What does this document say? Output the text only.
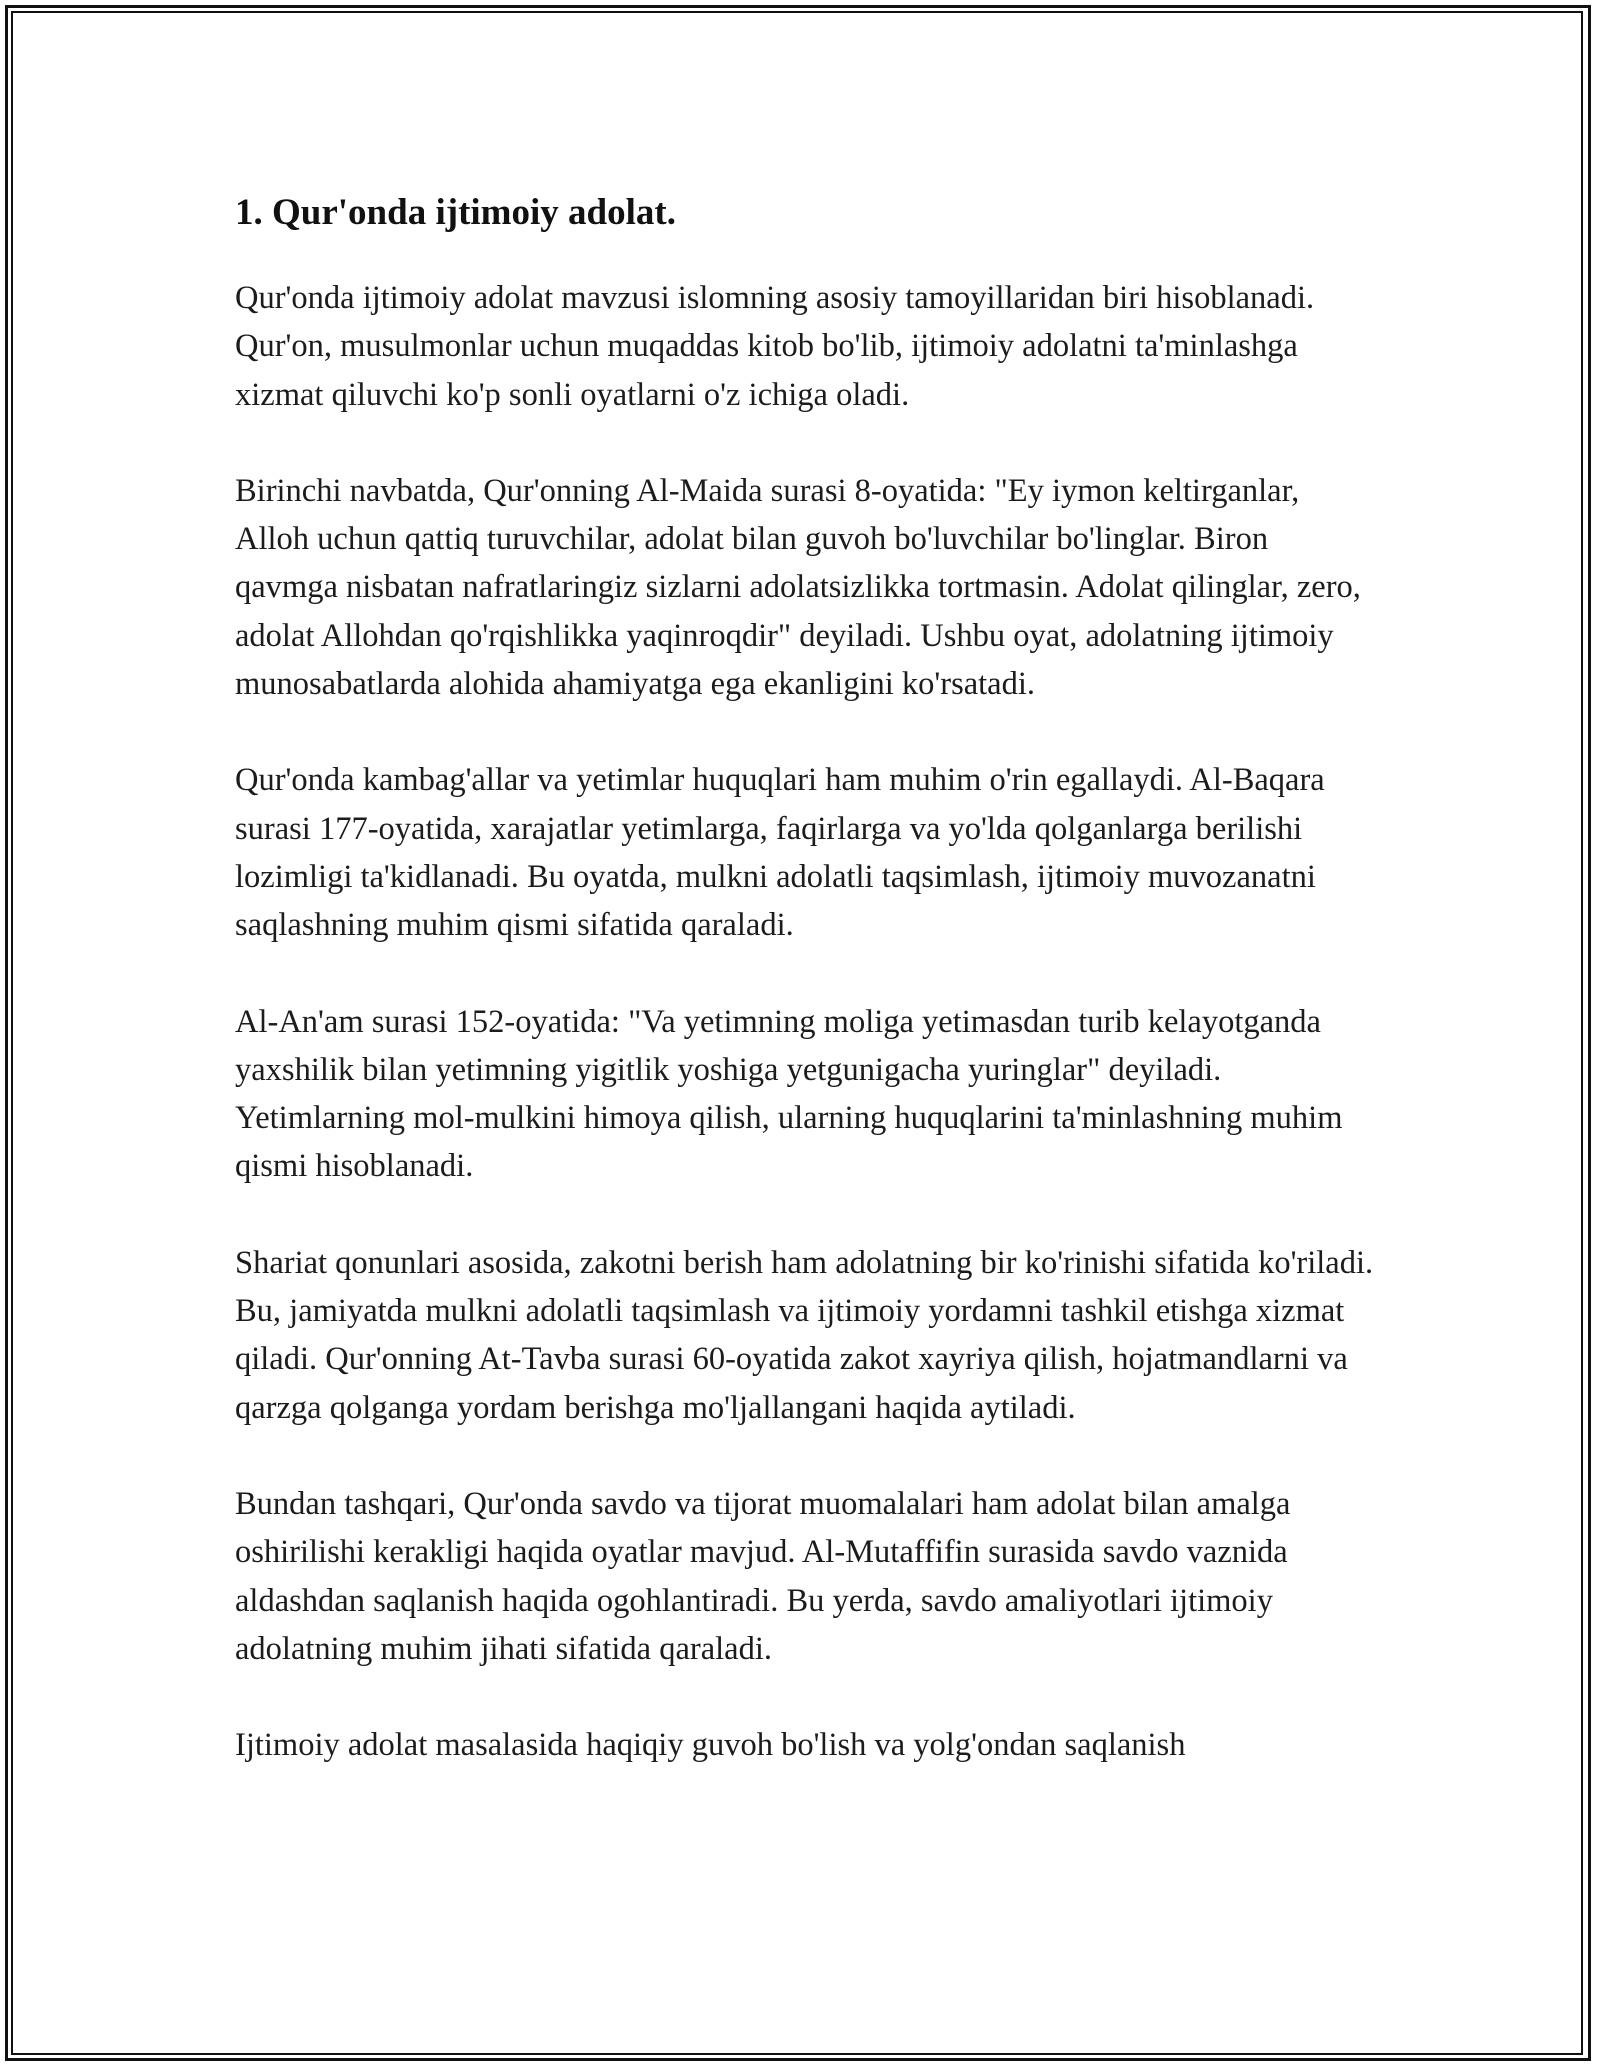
1. Qur'onda ijtimoiy adolat.

Qur'onda ijtimoiy adolat mavzusi islomning asosiy tamoyillaridan biri hisoblanadi. Qur'on, musulmonlar uchun muqaddas kitob bo'lib, ijtimoiy adolatni ta'minlashga xizmat qiluvchi ko'p sonli oyatlarni o'z ichiga oladi.

Birinchi navbatda, Qur'onning Al-Maida surasi 8-oyatida: "Ey iymon keltirganlar, Alloh uchun qattiq turuvchilar, adolat bilan guvoh bo'luvchilar bo'linglar. Biron qavmga nisbatan nafratlaringiz sizlarni adolatsizlikka tortmasin. Adolat qilinglar, zero, adolat Allohdan qo'rqishlikka yaqinroqdir" deyiladi. Ushbu oyat, adolatning ijtimoiy munosabatlarda alohida ahamiyatga ega ekanligini ko'rsatadi.

Qur'onda kambag'allar va yetimlar huquqlari ham muhim o'rin egallaydi. Al-Baqara surasi 177-oyatida, xarajatlar yetimlarga, faqirlarga va yo'lda qolganlarga berilishi lozimligi ta'kidlanadi. Bu oyatda, mulkni adolatli taqsimlash, ijtimoiy muvozanatni saqlashning muhim qismi sifatida qaraladi.

Al-An'am surasi 152-oyatida: "Va yetimning moliga yetimasdan turib kelayotganda yaxshilik bilan yetimning yigitlik yoshiga yetgunigacha yuringlar" deyiladi. Yetimlarning mol-mulkini himoya qilish, ularning huquqlarini ta'minlashning muhim qismi hisoblanadi.

Shariat qonunlari asosida, zakotni berish ham adolatning bir ko'rinishi sifatida ko'riladi. Bu, jamiyatda mulkni adolatli taqsimlash va ijtimoiy yordamni tashkil etishga xizmat qiladi. Qur'onning At-Tavba surasi 60-oyatida zakot xayriya qilish, hojatmandlarni va qarzga qolganga yordam berishga mo'ljallangani haqida aytiladi.

Bundan tashqari, Qur'onda savdo va tijorat muomalalari ham adolat bilan amalga oshirilishi kerakligi haqida oyatlar mavjud. Al-Mutaffifin surasida savdo vaznida aldashdan saqlanish haqida ogohlantiradi. Bu yerda, savdo amaliyotlari ijtimoiy adolatning muhim jihati sifatida qaraladi.

Ijtimoiy adolat masalasida haqiqiy guvoh bo'lish va yolg'ondan saqlanish
